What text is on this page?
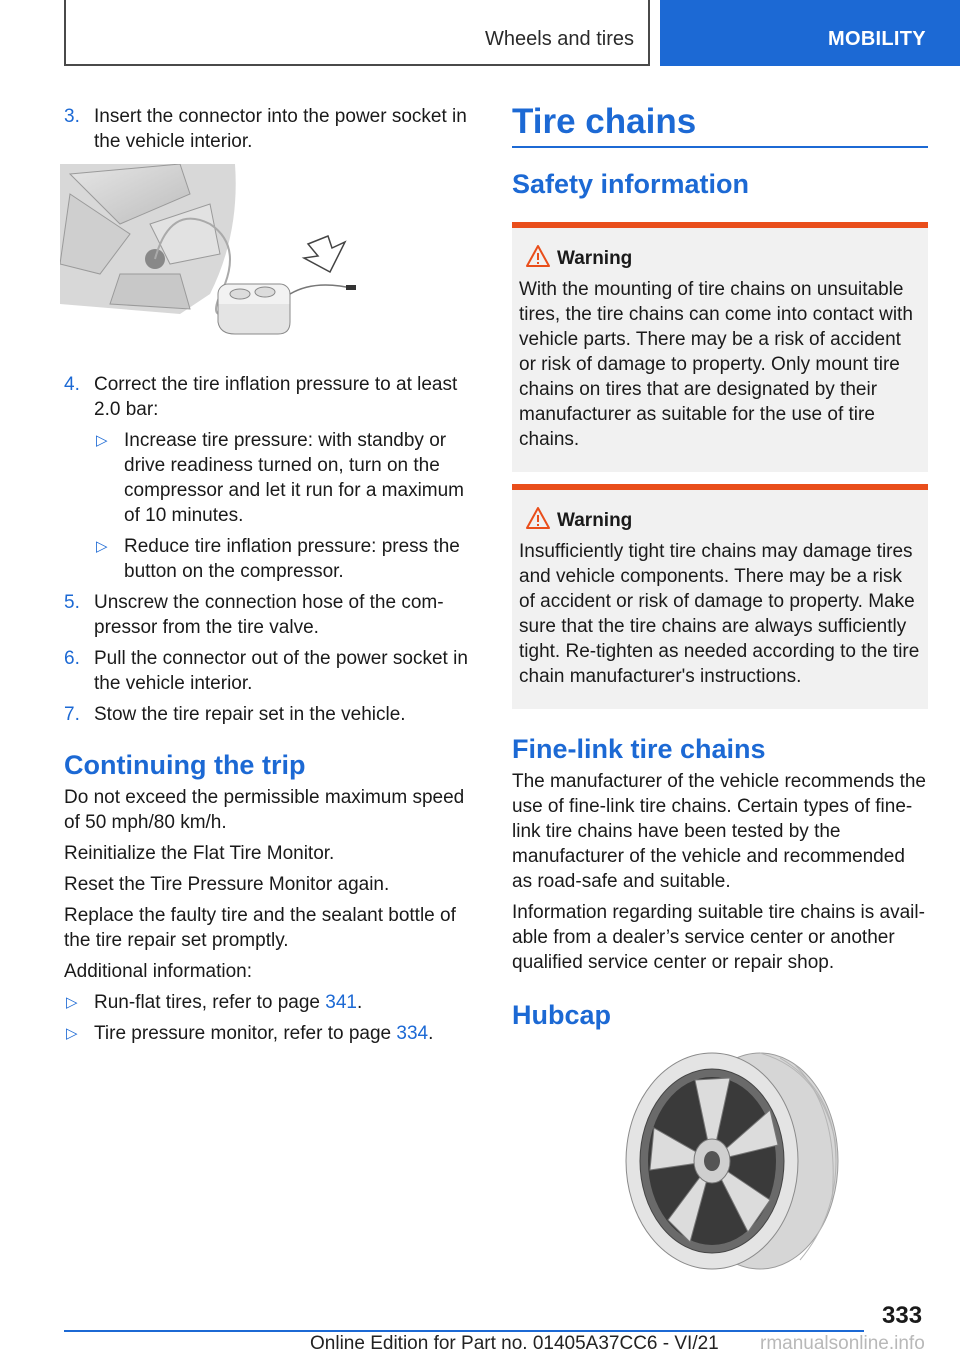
Wheels and tires	MOBILITY
3. Insert the connector into the power socket in the vehicle interior.
4. Correct the tire inflation pressure to at least 2.0 bar:
▷ Increase tire pressure: with standby or drive readiness turned on, turn on the compressor and let it run for a maximum of 10 minutes.
▷ Reduce tire inflation pressure: press the button on the compressor.
5. Unscrew the connection hose of the com‐ pressor from the tire valve.
6. Pull the connector out of the power socket in the vehicle interior.
7. Stow the tire repair set in the vehicle.
Continuing the trip
Do not exceed the permissible maximum speed of 50 mph/80 km/h.
Reinitialize the Flat Tire Monitor.
Reset the Tire Pressure Monitor again.
Replace the faulty tire and the sealant bottle of the tire repair set promptly.
Additional information:
▷ Run-flat tires, refer to page 341.
▷ Tire pressure monitor, refer to page 334.
Tire chains
Safety information
Warning
With the mounting of tire chains on unsuitable tires, the tire chains can come into contact with vehicle parts. There may be a risk of accident or risk of damage to property. Only mount tire chains on tires that are designated by their manufacturer as suitable for the use of tire chains.
Warning
Insufficiently tight tire chains may damage tires and vehicle components. There may be a risk of accident or risk of damage to property. Make sure that the tire chains are always sufficiently tight. Re-tighten as needed according to the tire chain manufacturer's instructions.
Fine-link tire chains
The manufacturer of the vehicle recommends the use of fine-link tire chains. Certain types of fine-link tire chains have been tested by the manufacturer of the vehicle and recommended as road-safe and suitable.
Information regarding suitable tire chains is avail‐ able from a dealer’s service center or another qualified service center or repair shop.
Hubcap
333
Online Edition for Part no. 01405A37CC6 - VI/21 rmanualsonline.info
